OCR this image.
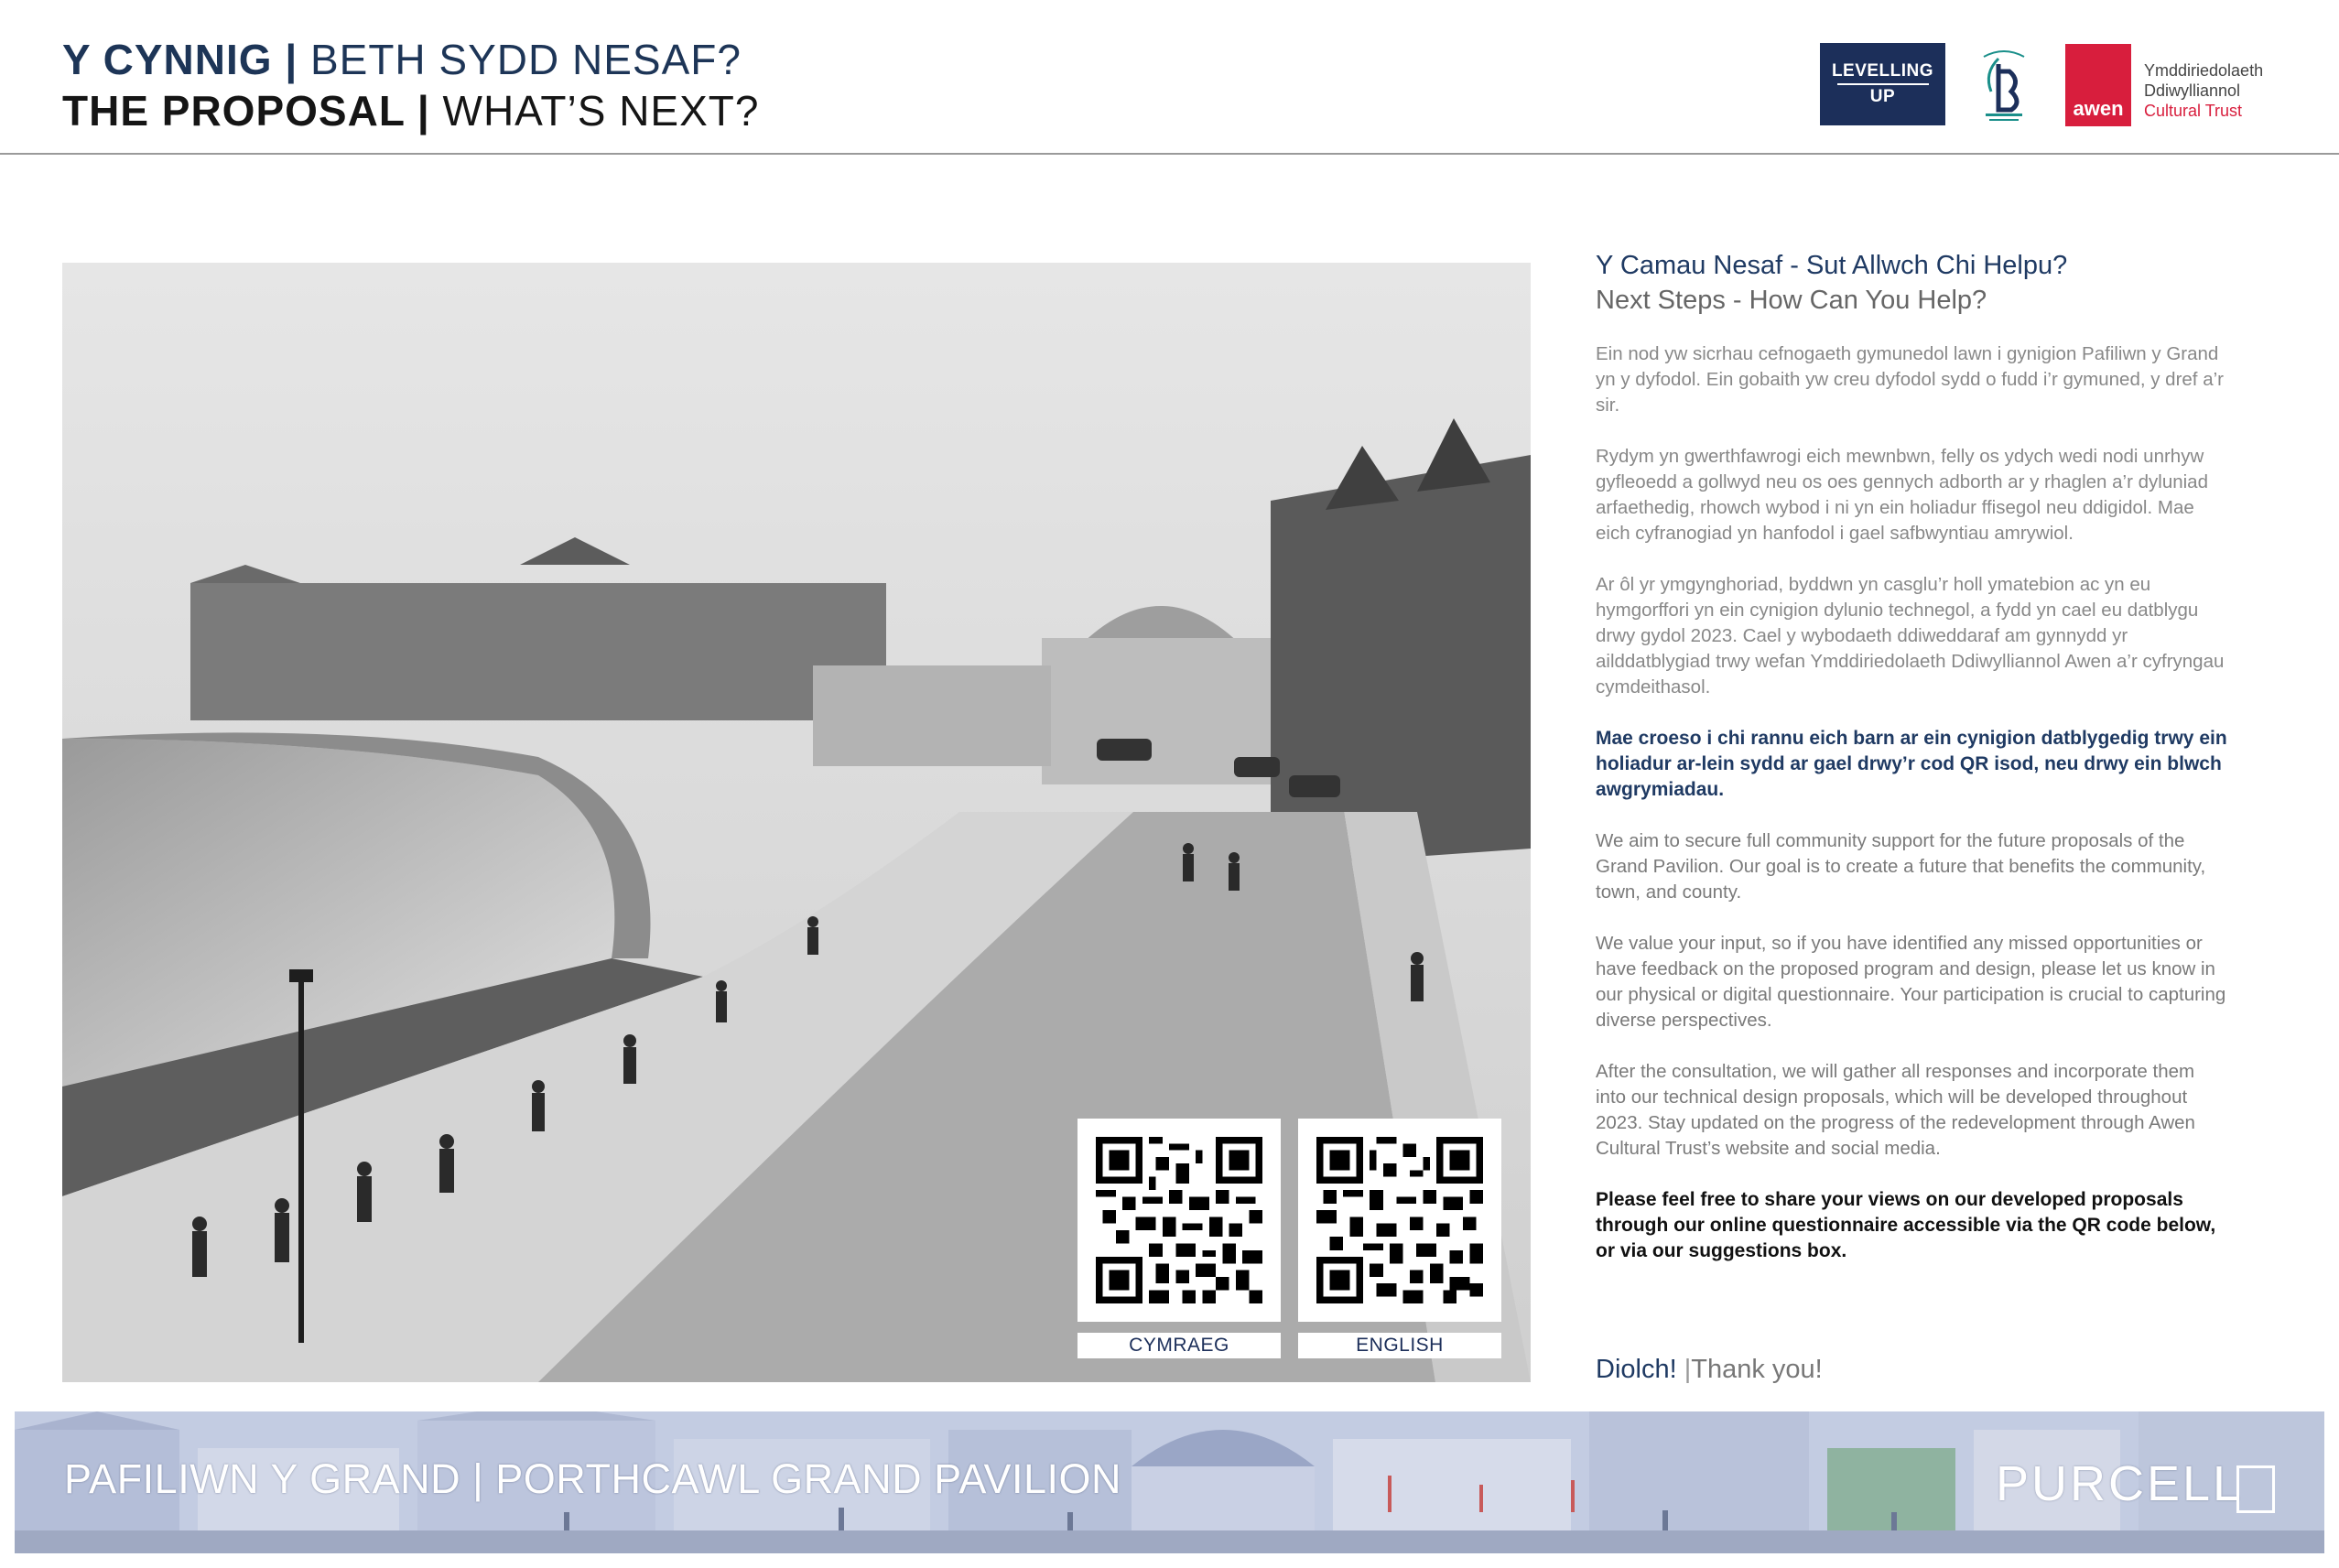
Y CYNNIG | BETH SYDD NESAF?
THE PROPOSAL | WHAT’S NEXT?
LEVELLING
UP
awen
Ymddiriedolaeth
Ddiwylliannol
Cultural Trust
CYMRAEG	ENGLISH
Y Camau Nesaf - Sut Allwch Chi Helpu?
Next Steps - How Can You Help?

Ein nod yw sicrhau cefnogaeth gymunedol lawn i gynigion Pafiliwn y Grand yn y dyfodol. Ein gobaith yw creu dyfodol sydd o fudd i’r gymuned, y dref a’r sir.

Rydym yn gwerthfawrogi eich mewnbwn, felly os ydych wedi nodi unrhyw gyfleoedd a gollwyd neu os oes gennych adborth ar y rhaglen a’r dyluniad arfaethedig, rhowch wybod i ni yn ein holiadur ffisegol neu ddigidol. Mae eich cyfranogiad yn hanfodol i gael safbwyntiau amrywiol.

Ar ôl yr ymgynghoriad, byddwn yn casglu’r holl ymatebion ac yn eu hymgorffori yn ein cynigion dylunio technegol, a fydd yn cael eu datblygu drwy gydol 2023. Cael y wybodaeth ddiweddaraf am gynnydd yr ailddatblygiad trwy wefan Ymddiriedolaeth Ddiwylliannol Awen a’r cyfryngau cymdeithasol.

Mae croeso i chi rannu eich barn ar ein cynigion datblygedig trwy ein holiadur ar-lein sydd ar gael drwy’r cod QR isod, neu drwy ein blwch awgrymiadau.

We aim to secure full community support for the future proposals of the Grand Pavilion. Our goal is to create a future that benefits the community, town, and county.

We value your input, so if you have identified any missed opportunities or have feedback on the proposed program and design, please let us know in our physical or digital questionnaire. Your participation is crucial to capturing diverse perspectives.

After the consultation, we will gather all responses and incorporate them into our technical design proposals, which will be developed throughout 2023. Stay updated on the progress of the redevelopment through Awen Cultural Trust’s website and social media.

Please feel free to share your views on our developed proposals through our online questionnaire accessible via the QR code below, or via our suggestions box.

Diolch! |Thank you!
PAFILIWN Y GRAND | PORTHCAWL GRAND PAVILION	PURCELL
